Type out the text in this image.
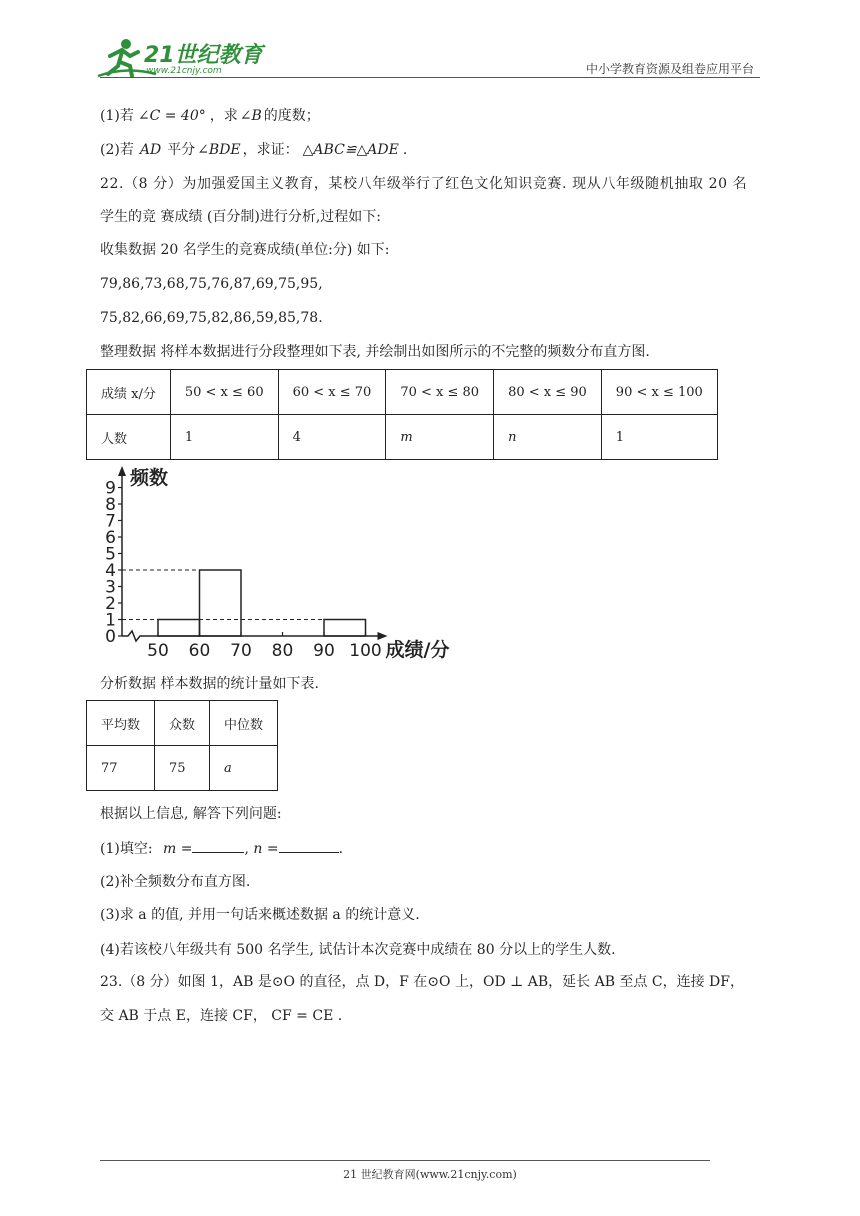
21世纪教育
www.21cnjy.com	中小学教育资源及组卷应用平台
(1)若 ∠C = 40° ，求 ∠B 的度数；
(2)若 AD 平分 ∠BDE ，求证： △ABC≌△ADE .
22.（8 分）为加强爱国主义教育，某校八年级举行了红色文化知识竞赛. 现从八年级随机抽取 20 名
学生的竞 赛成绩 (百分制)进行分析,过程如下:
收集数据 20 名学生的竞赛成绩(单位:分) 如下:
79,86,73,68,75,76,87,69,75,95,
75,82,66,69,75,82,86,59,85,78.
整理数据 将样本数据进行分段整理如下表, 并绘制出如图所示的不完整的频数分布直方图.
成绩 x/分	50 < x ≤ 60	60 < x ≤ 70	70 < x ≤ 80	80 < x ≤ 90	90 < x ≤ 100
人数	1	4	m	n	1
0
1
2
3
4
5
6
7
8
9
50 60 70 80 90 100
频数
成绩/分
分析数据 样本数据的统计量如下表.
平均数	众数	中位数
77	75	a
根据以上信息, 解答下列问题:
(1)填空: m =	, n =	.
(2)补全频数分布直方图.
(3)求 a 的值, 并用一句话来概述数据 a 的统计意义.
(4)若该校八年级共有 500 名学生, 试估计本次竞赛中成绩在 80 分以上的学生人数.
23.（8 分）如图 1，AB 是⊙O 的直径，点 D，F 在⊙O 上，OD ⊥ AB，延长 AB 至点 C，连接 DF，
交 AB 于点 E，连接 CF， CF = CE .
21 世纪教育网(www.21cnjy.com)
